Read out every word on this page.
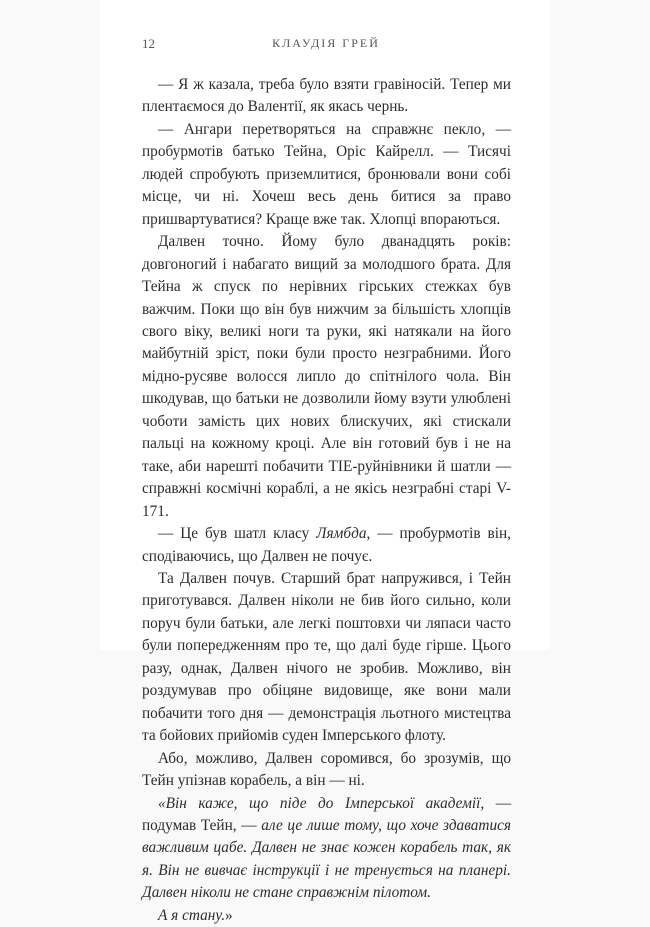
12	КЛАУДІЯ ГРЕЙ

— Я ж казала, треба було взяти гравіносій. Тепер ми плентаємося до Валентії, як якась чернь.

— Ангари перетворяться на справжнє пекло, — пробурмотів батько Тейна, Оріс Кайрелл. — Тисячі людей спробують приземлитися, бронювали вони собі місце, чи ні. Хочеш весь день битися за право пришвартуватися? Краще вже так. Хлопці впораються.

Далвен точно. Йому було дванадцять років: довгоногий і набагато вищий за молодшого брата. Для Тейна ж спуск по нерівних гірських стежках був важчим. Поки що він був нижчим за більшість хлопців свого віку, великі ноги та руки, які натякали на його майбутній зріст, поки були просто незграбними. Його мідно-русяве волосся липло до спітнілого чола. Він шкодував, що батьки не дозволили йому взути улюблені чоботи замість цих нових блискучих, які стискали пальці на кожному кроці. Але він готовий був і не на таке, аби нарешті побачити TIE-руйнівники й шатли — справжні космічні кораблі, а не якісь незграбні старі V-171.

— Це був шатл класу Лямбда, — пробурмотів він, сподіваючись, що Далвен не почує.

Та Далвен почув. Старший брат напружився, і Тейн приготувався. Далвен ніколи не бив його сильно, коли поруч були батьки, але легкі поштовхи чи ляпаси часто були попередженням про те, що далі буде гірше. Цього разу, однак, Далвен нічого не зробив. Можливо, він роздумував про обіцяне видовище, яке вони мали побачити того дня — демонстрація льотного мистецтва та бойових прийомів суден Імперського флоту.

Або, можливо, Далвен соромився, бо зрозумів, що Тейн упізнав корабель, а він — ні.

«Він каже, що піде до Імперської академії, — подумав Тейн, — але це лише тому, що хоче здаватися важливим цабе. Далвен не знає кожен корабель так, як я. Він не вивчає інструкції і не тренується на планері. Далвен ніколи не стане справжнім пілотом.

А я стану.»
